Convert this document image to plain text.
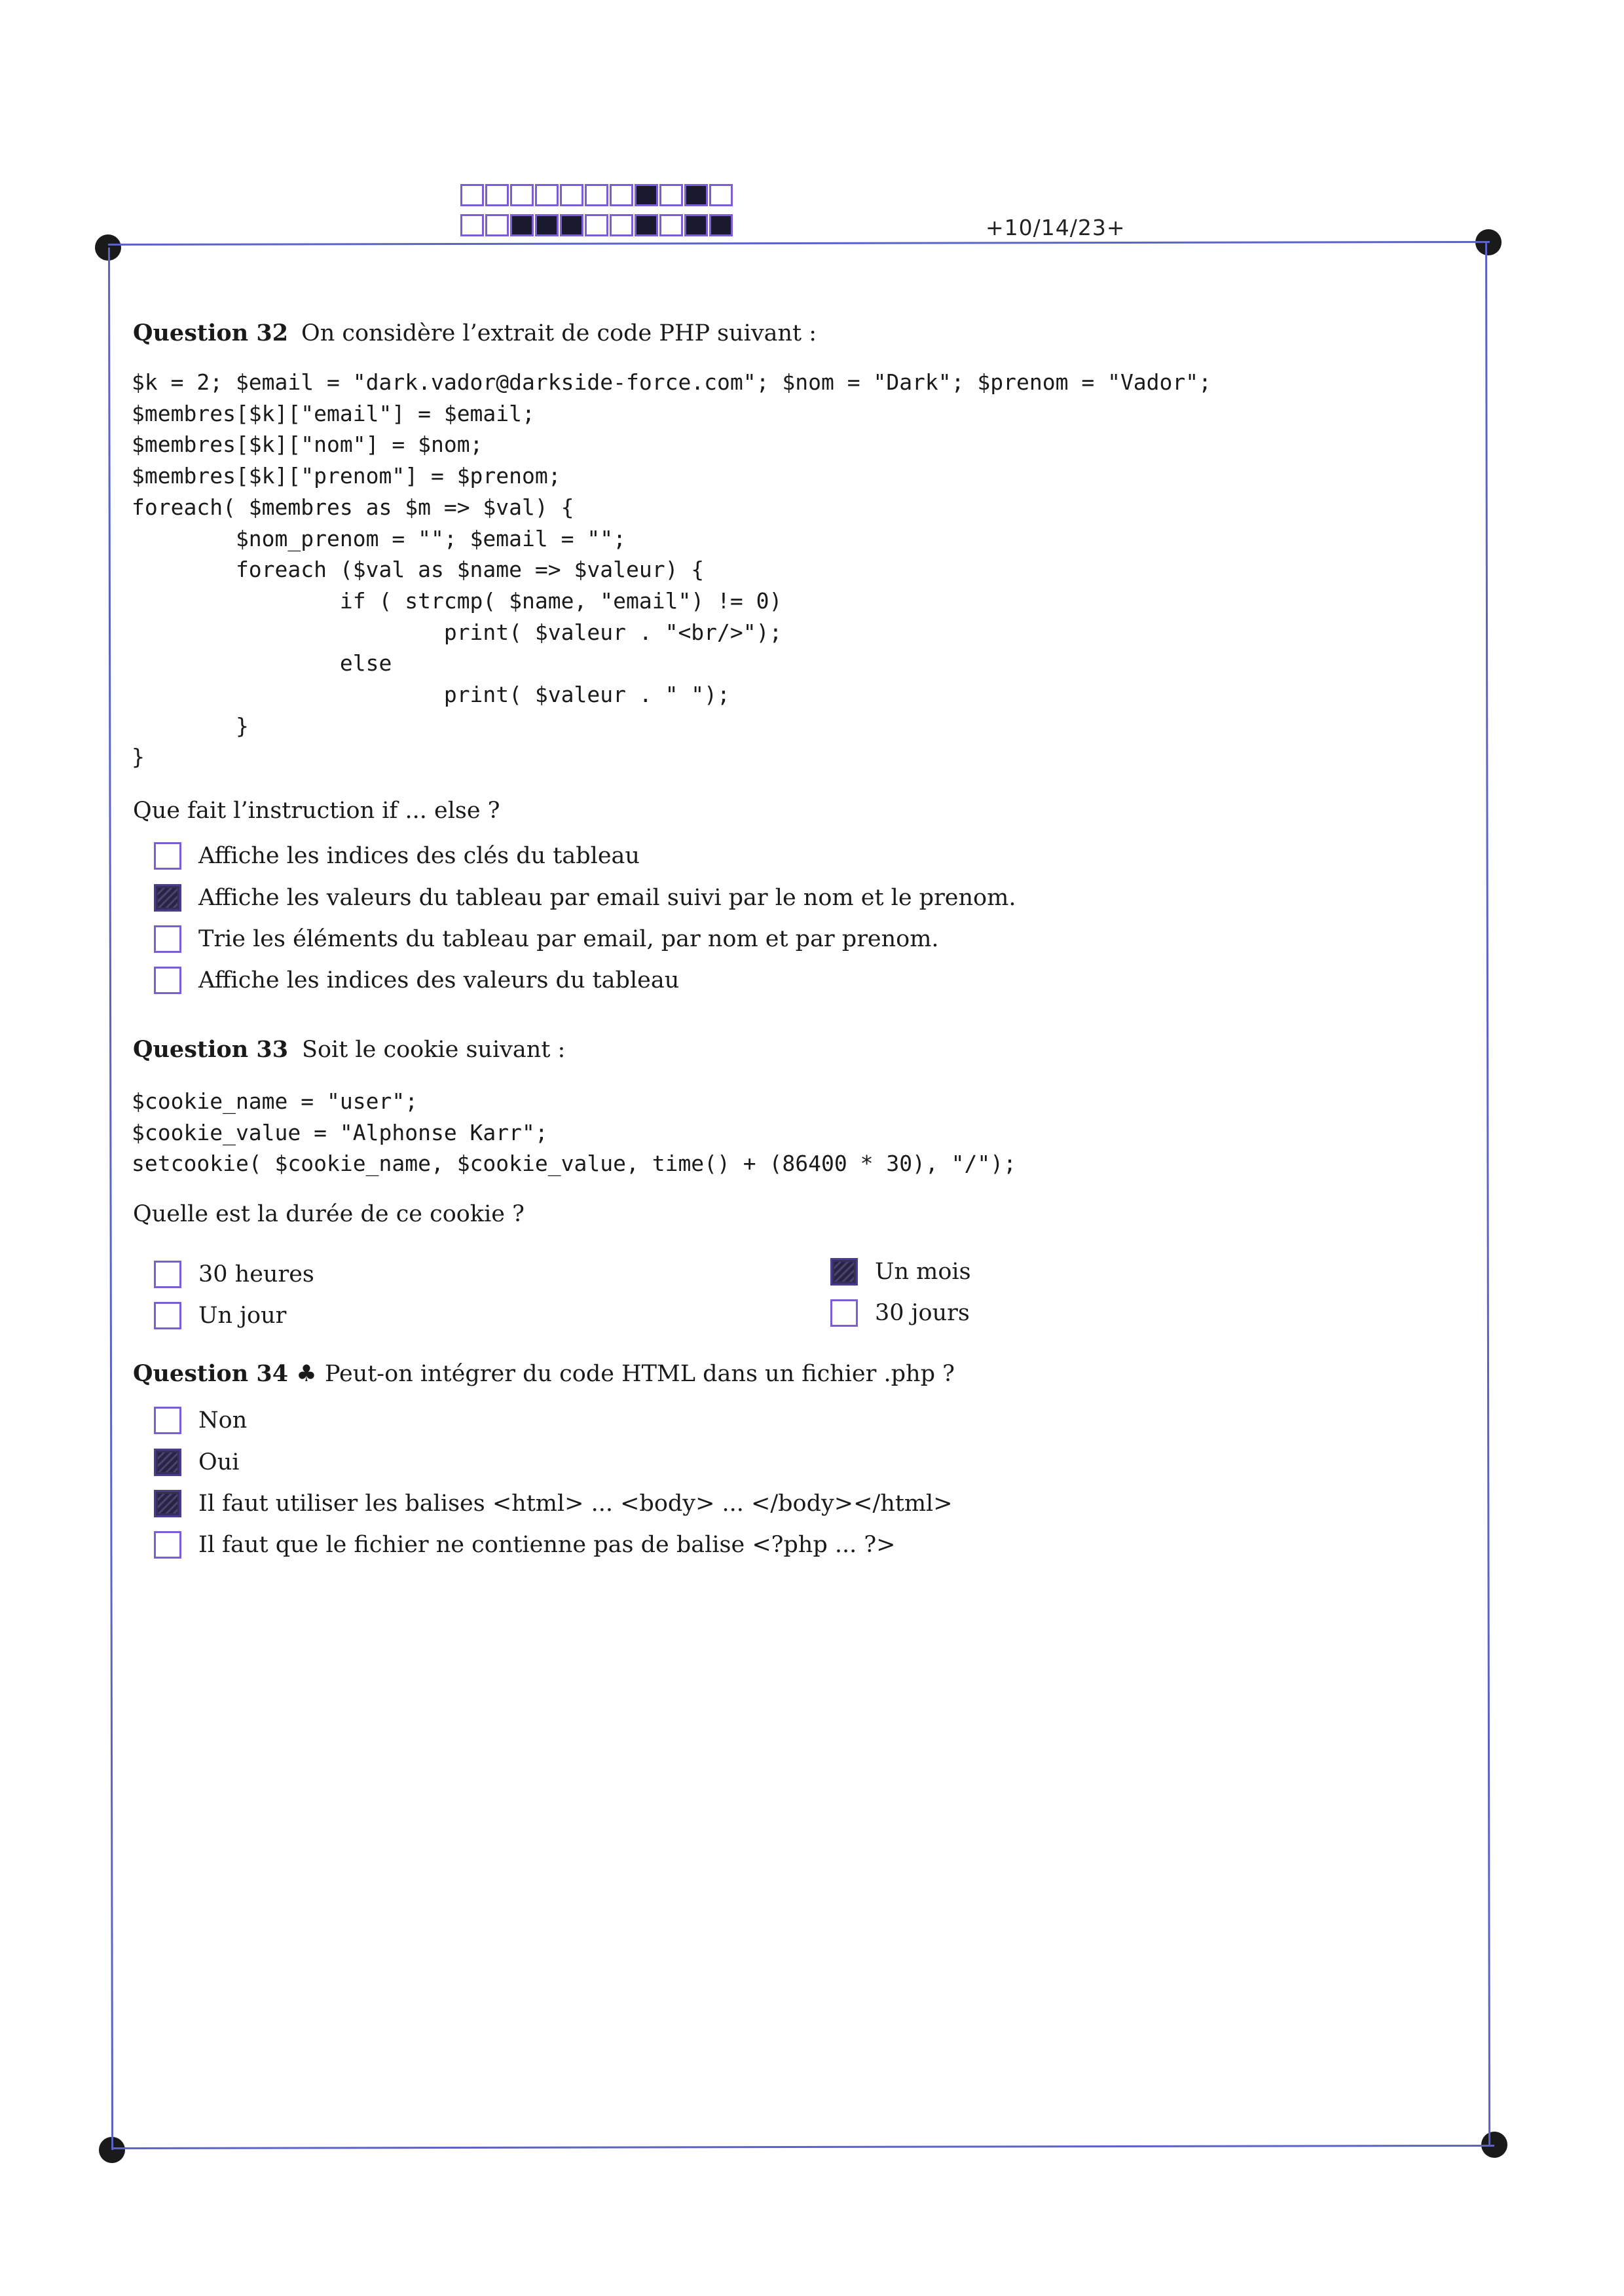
+10/14/23+
Question 32 On considère l’extrait de code PHP suivant :
$k = 2; $email = "dark.vador@darkside-force.com"; $nom = "Dark"; $prenom = "Vador";
$membres[$k]["email"] = $email;
$membres[$k]["nom"] = $nom;
$membres[$k]["prenom"] = $prenom;
foreach( $membres as $m => $val) {
$nom_prenom = ""; $email = "";
foreach ($val as $name => $valeur) {
if ( strcmp( $name, "email") != 0)
print( $valeur . "<br/>");
else
print( $valeur . " ");
}
}
Que fait l’instruction if ... else ?
Affiche les indices des clés du tableau
Affiche les valeurs du tableau par email suivi par le nom et le prenom.
Trie les éléments du tableau par email, par nom et par prenom.
Affiche les indices des valeurs du tableau
Question 33 Soit le cookie suivant :
$cookie_name = "user";
$cookie_value = "Alphonse Karr";
setcookie( $cookie_name, $cookie_value, time() + (86400 * 30), "/");
Quelle est la durée de ce cookie ?
30 heures
Un jour
Un mois
30 jours
Question 34 ♣ Peut-on intégrer du code HTML dans un fichier .php ?
Non
Oui
Il faut utiliser les balises <html> ... <body> ... </body></html>
Il faut que le fichier ne contienne pas de balise <?php ... ?>
